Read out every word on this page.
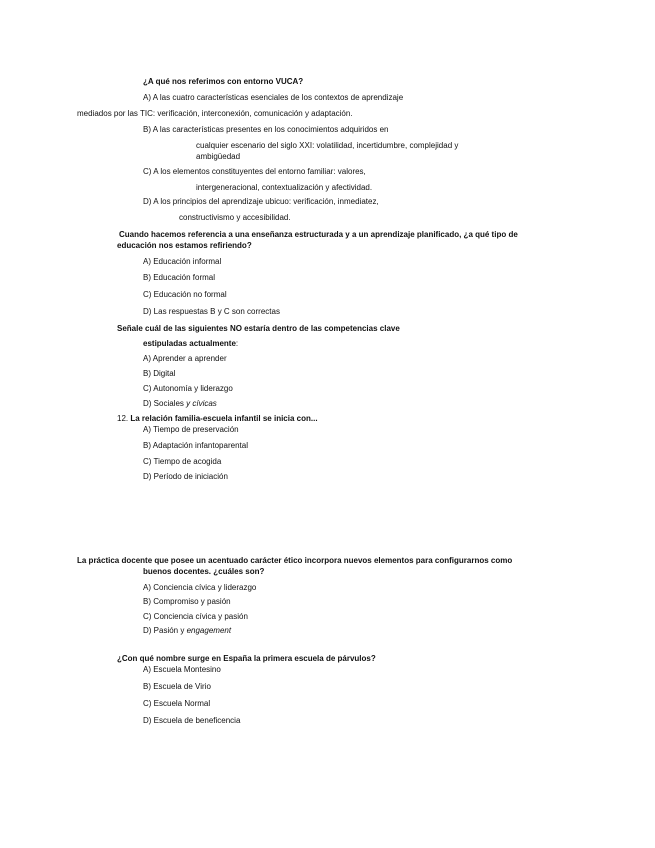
¿A qué nos referimos con entorno VUCA?
A) A las cuatro características esenciales de los contextos de aprendizaje
mediados por las TIC: verificación, interconexión, comunicación y adaptación.
B) A las características presentes en los conocimientos adquiridos en
cualquier escenario del siglo XXI: volatilidad, incertidumbre, complejidad y
ambigüedad
C) A los elementos constituyentes del entorno familiar: valores,
intergeneracional, contextualización y afectividad.
D) A los principios del aprendizaje ubicuo: verificación, inmediatez,
constructivismo y accesibilidad.
Cuando hacemos referencia a una enseñanza estructurada y a un aprendizaje planificado, ¿a qué tipo de
educación nos estamos refiriendo?
A) Educación informal
B) Educación formal
C) Educación no formal
D) Las respuestas B y C son correctas
Señale cuál de las siguientes NO estaría dentro de las competencias clave
estipuladas actualmente:
A) Aprender a aprender
B) Digital
C) Autonomía y liderazgo
D) Sociales y cívicas
12. La relación familia-escuela infantil se inicia con...
A) Tiempo de preservación
B) Adaptación infantoparental
C) Tiempo de acogida
D) Período de iniciación
La práctica docente que posee un acentuado carácter ético incorpora nuevos elementos para configurarnos como
buenos docentes. ¿cuáles son?
A) Conciencia cívica y liderazgo
B) Compromiso y pasión
C) Conciencia cívica y pasión
D) Pasión y engagement
¿Con qué nombre surge en España la primera escuela de párvulos?
A) Escuela Montesino
B) Escuela de Virio
C) Escuela Normal
D) Escuela de beneficencia
